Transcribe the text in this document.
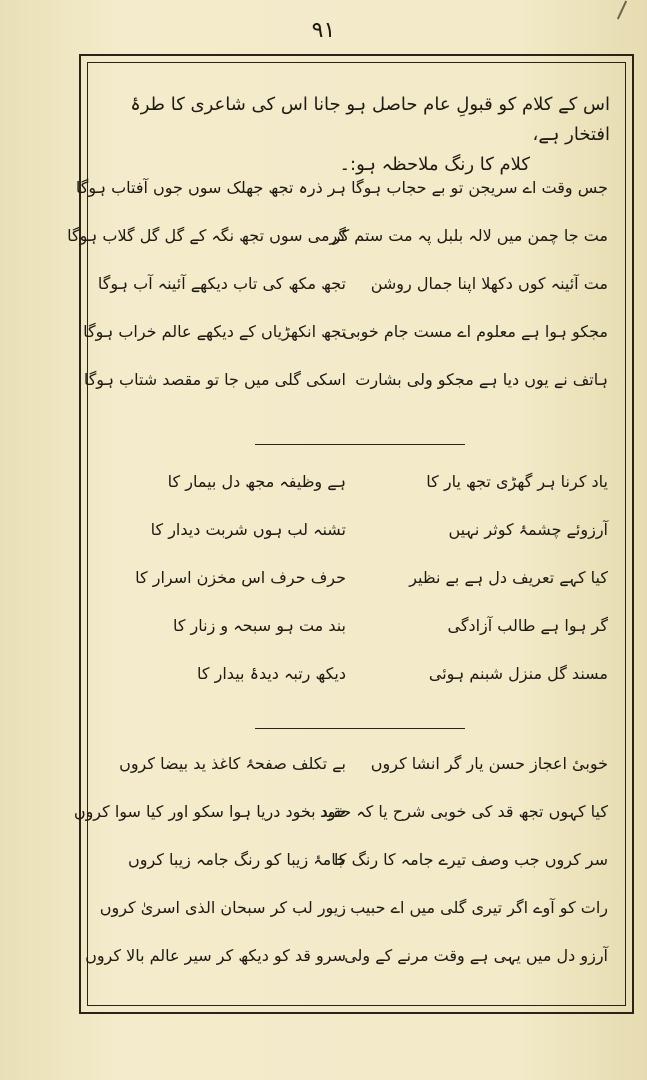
۹۱
اس کے کلام کو قبولِ عام حاصل ہو جانا اس کی شاعری کا طرۂ افتخار ہے،
کلام کا رنگ ملاحظہ ہو:۔
جس وقت اے سریجن تو بے حجاب ہوگا
ہر ذرہ تجھ جھلک سوں جوں آفتاب ہوگا
مت جا چمن میں لالہ بلبل پہ مت ستم کر
گرمی سوں تجھ نگہ کے گل گل گلاب ہوگا
مت آئینہ کوں دکھلا اپنا جمال روشن
تجھ مکھ کی تاب دیکھے آئینہ آب ہوگا
مجکو ہوا ہے معلوم اے مست جام خوبی
تجھ انکھڑیاں کے دیکھے عالم خراب ہوگا
ہاتف نے یوں دیا ہے مجکو ولی بشارت
اسکی گلی میں جا تو مقصد شتاب ہوگا
یاد کرنا ہر گھڑی تجھ یار کا
ہے وظیفہ مجھ دل بیمار کا
آرزوئے چشمۂ کوثر نہیں
تشنہ لب ہوں شربت دیدار کا
کیا کہے تعریف دل ہے بے نظیر
حرف حرف اس مخزن اسرار کا
گر ہوا ہے طالب آزادگی
بند مت ہو سبحہ و زنار کا
مسند گل منزل شبنم ہوئی
دیکھ رتبہ دیدۂ بیدار کا
خوبیٔ اعجاز حسن یار گر انشا کروں
بے تکلف صفحۂ کاغذ ید بیضا کروں
کیا کہوں تجھ قد کی خوبی شرح یا کہ حقید
خود بخود دریا ہوا سکو اور کیا سوا کروں
سر کروں جب وصف تیرے جامہ کا رنگ کا
جامۂ زیبا کو رنگ جامہ زیبا کروں
رات کو آوے اگر تیری گلی میں اے حبیب
زیور لب کر سبحان الذی اسریٰ کروں
آرزو دل میں یہی ہے وقت مرنے کے ولی
سرو قد کو دیکھ کر سیر عالم بالا کروں
